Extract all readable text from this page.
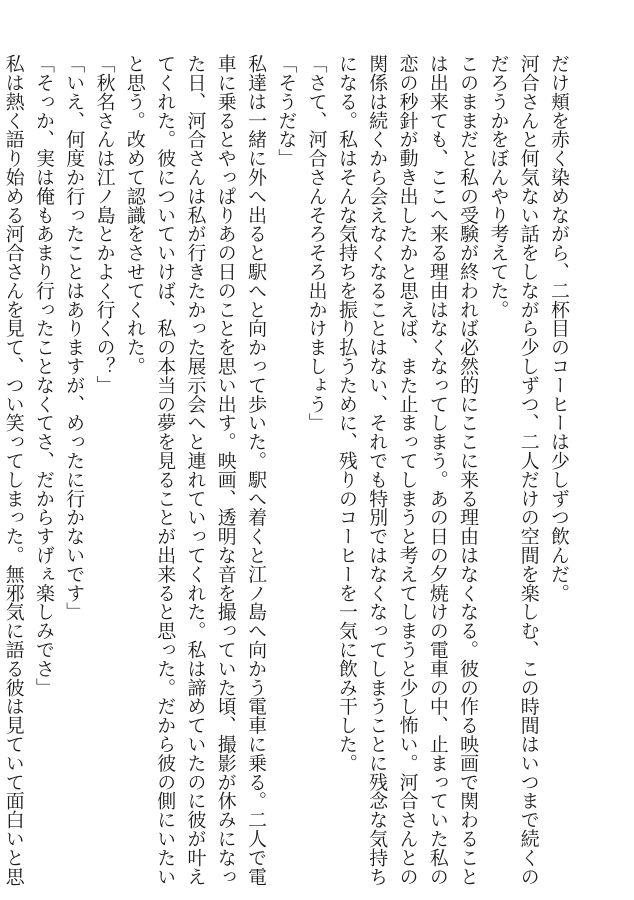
だけ頬を赤く染めながら、二杯目のコーヒーは少しずつ飲んだ。
河合さんと何気ない話をしながら少しずつ、二人だけの空間を楽しむ、この時間はいつまで続くの
だろうかをぼんやり考えてた。
このままだと私の受験が終われば必然的にここに来る理由はなくなる。彼の作る映画で関わること
は出来ても、ここへ来る理由はなくなってしまう。あの日の夕焼けの電車の中、止まっていた私の
恋の秒針が動き出したかと思えば、また止まってしまうと考えてしまうと少し怖い。河合さんとの
関係は続くから会えなくなることはない、それでも特別ではなくなってしまうことに残念な気持ち
になる。私はそんな気持ちを振り払うために、残りのコーヒーを一気に飲み干した。
「さて、河合さんそろそろ出かけましょう」
「そうだな」
私達は一緒に外へ出ると駅へと向かって歩いた。駅へ着くと江ノ島へ向かう電車に乗る。二人で電
車に乗るとやっぱりあの日のことを思い出す。映画、透明な音を撮っていた頃、撮影が休みになっ
た日、河合さんは私が行きたかった展示会へと連れていってくれた。私は諦めていたのに彼が叶え
てくれた。彼についていけば、私の本当の夢を見ることが出来ると思った。だから彼の側にいたい
と思う。改めて認識をさせてくれた。
「秋名さんは江ノ島とかよく行くの？」
「いえ、何度か行ったことはありますが、めったに行かないです」
「そっか、実は俺もあまり行ったことなくてさ、だからすげぇ楽しみでさ」
私は熱く語り始める河合さんを見て、つい笑ってしまった。無邪気に語る彼は見ていて面白いと思
